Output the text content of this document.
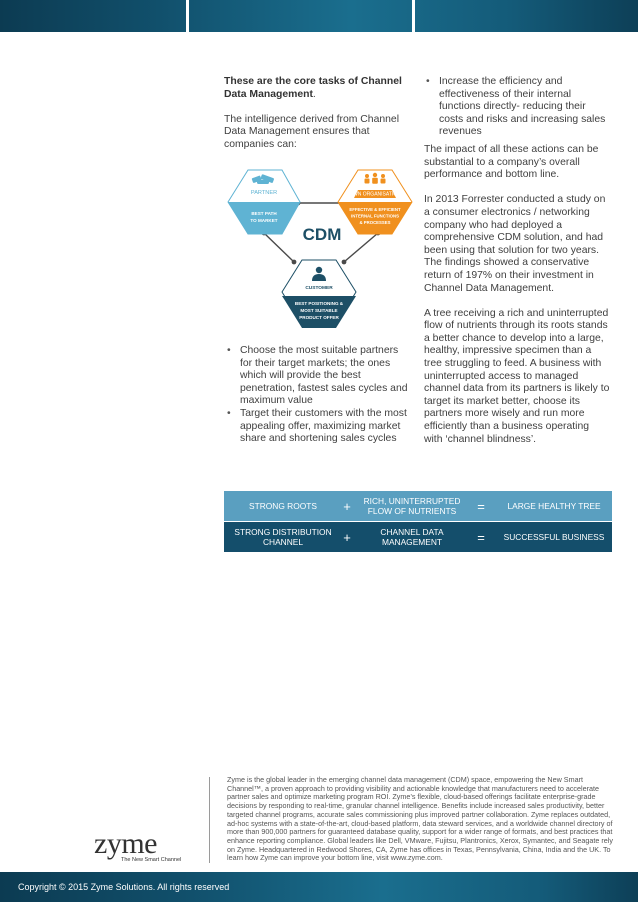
These are the core tasks of Channel Data Management.

The intelligence derived from Channel Data Management ensures that companies can:

PARTNER
BEST PATH
TO MARKET
OWN ORGANISATION
EFFECTIVE & EFFICIENT
INTERNAL FUNCTIONS
& PROCESSES
CDM
CUSTOMER
BEST POSITIONING &
MOST SUITABLE
PRODUCT OFFER
• Choose the most suitable partners for their target markets; the ones which will provide the best penetration, fastest sales cycles and maximum value
• Target their customers with the most appealing offer, maximizing market share and shortening sales cycles
• Increase the efficiency and effectiveness of their internal functions directly- reducing their costs and risks and increasing sales revenues

The impact of all these actions can be substantial to a company’s overall performance and bottom line.

In 2013 Forrester conducted a study on a consumer electronics / networking company who had deployed a comprehensive CDM solution, and had been using that solution for two years. The findings showed a conservative return of 197% on their investment in Channel Data Management.

A tree receiving a rich and uninterrupted flow of nutrients through its roots stands a better chance to develop into a large, healthy, impressive specimen than a tree struggling to feed. A business with uninterrupted access to managed channel data from its partners is likely to target its market better, choose its partners more wisely and run more efficiently than a business operating with ‘channel blindness’.

STRONG ROOTS	+	RICH, UNINTERRUPTED FLOW OF NUTRIENTS	=	LARGE HEALTHY TREE
STRONG DISTRIBUTION CHANNEL	+	CHANNEL DATA MANAGEMENT	=	SUCCESSFUL BUSINESS
Zyme is the global leader in the emerging channel data management (CDM) space, empowering the New Smart Channel™, a proven approach to providing visibility and actionable knowledge that manufacturers need to accelerate partner sales and optimize marketing program ROI. Zyme’s flexible, cloud-based offerings facilitate enterprise-grade decisions by responding to real-time, granular channel intelligence. Benefits include increased sales productivity, better targeted channel programs, accurate sales commissioning plus improved partner collaboration. Zyme replaces outdated, ad-hoc systems with a state-of-the-art, cloud-based platform, data steward services, and a worldwide channel directory of more than 900,000 partners for guaranteed database quality, support for a wider range of formats, and best practices that enhance reporting compliance. Global leaders like Dell, VMware, Fujitsu, Plantronics, Xerox, Symantec, and Seagate rely on Zyme. Headquartered in Redwood Shores, CA, Zyme has offices in Texas, Pennsylvania, China, India and the UK. To learn how Zyme can improve your bottom line, visit www.zyme.com.
zyme
The New Smart Channel
Copyright © 2015 Zyme Solutions. All rights reserved
